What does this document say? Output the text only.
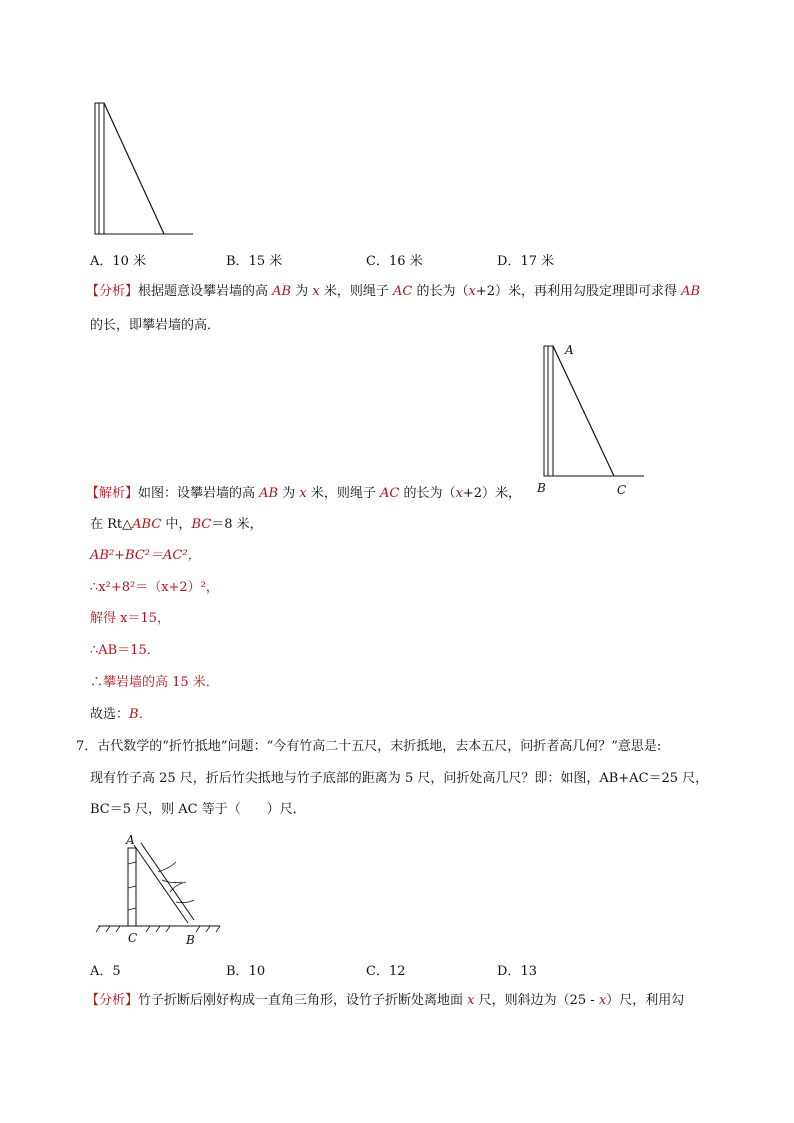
A．10 米	B．15 米	C．16 米	D．17 米
【分析】根据题意设攀岩墙的高 AB 为 x 米，则绳子 AC 的长为（x+2）米，再利用勾股定理即可求得 AB
的长，即攀岩墙的高．
A
B	C
【解析】如图：设攀岩墙的高 AB 为 x 米，则绳子 AC 的长为（x+2）米，
在 Rt△ABC 中，BC＝8 米，
AB²+BC²＝AC²，
∴x²+8²＝（x+2）²，
解得 x＝15，
∴AB＝15．
∴攀岩墙的高 15 米．
故选：B．
7．古代数学的“折竹抵地”问题：“今有竹高二十五尺，末折抵地，去本五尺，问折者高几何？”意思是:
现有竹子高 25 尺，折后竹尖抵地与竹子底部的距离为 5 尺，问折处高几尺？即：如图，AB+AC＝25 尺，
BC＝5 尺，则 AC 等于（　　）尺．
A
C	B
A．5	B．10	C．12	D．13
【分析】竹子折断后刚好构成一直角三角形，设竹子折断处离地面 x 尺，则斜边为（25 - x）尺，利用勾
